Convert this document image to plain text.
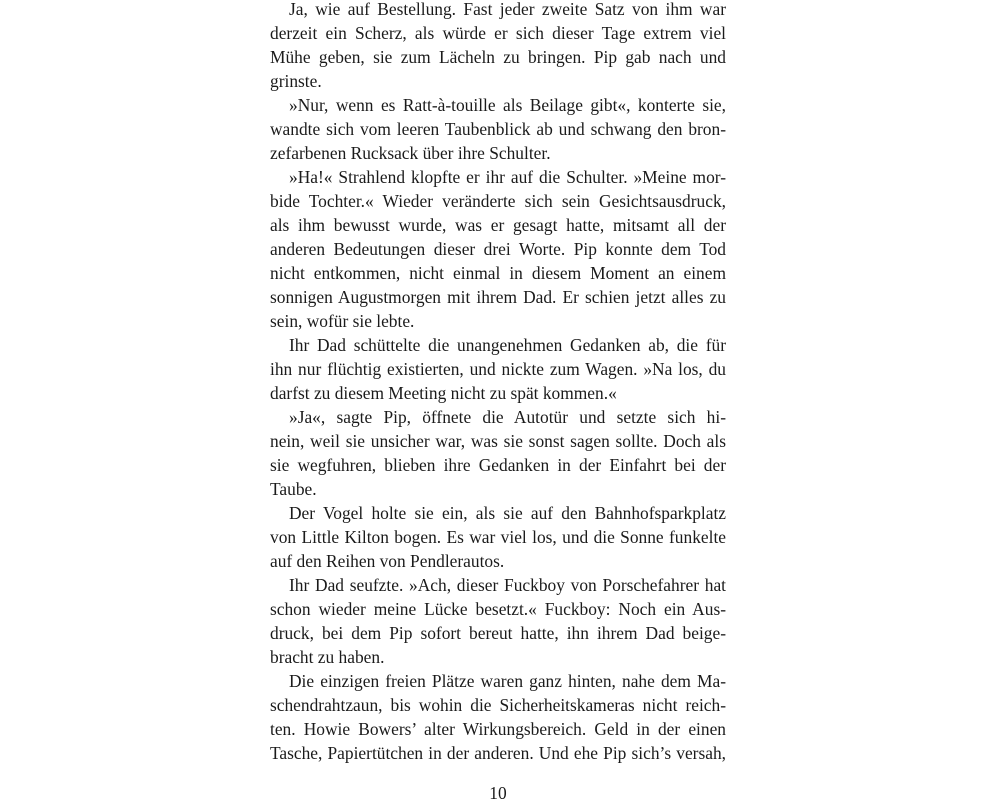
Ja, wie auf Bestellung. Fast jeder zweite Satz von ihm war
derzeit ein Scherz, als würde er sich dieser Tage extrem viel
Mühe geben, sie zum Lächeln zu bringen. Pip gab nach und
grinste.
»Nur, wenn es Ratt-à-touille als Beilage gibt«, konterte sie,
wandte sich vom leeren Taubenblick ab und schwang den bron-
zefarbenen Rucksack über ihre Schulter.
»Ha!« Strahlend klopfte er ihr auf die Schulter. »Meine mor-
bide Tochter.« Wieder veränderte sich sein Gesichtsausdruck,
als ihm bewusst wurde, was er gesagt hatte, mitsamt all der
anderen Bedeutungen dieser drei Worte. Pip konnte dem Tod
nicht entkommen, nicht einmal in diesem Moment an einem
sonnigen Augustmorgen mit ihrem Dad. Er schien jetzt alles zu
sein, wofür sie lebte.
Ihr Dad schüttelte die unangenehmen Gedanken ab, die für
ihn nur flüchtig existierten, und nickte zum Wagen. »Na los, du
darfst zu diesem Meeting nicht zu spät kommen.«
»Ja«, sagte Pip, öffnete die Autotür und setzte sich hi-
nein, weil sie unsicher war, was sie sonst sagen sollte. Doch als
sie wegfuhren, blieben ihre Gedanken in der Einfahrt bei der
Taube.
Der Vogel holte sie ein, als sie auf den Bahnhofsparkplatz
von Little Kilton bogen. Es war viel los, und die Sonne funkelte
auf den Reihen von Pendlerautos.
Ihr Dad seufzte. »Ach, dieser Fuckboy von Porschefahrer hat
schon wieder meine Lücke besetzt.« Fuckboy: Noch ein Aus-
druck, bei dem Pip sofort bereut hatte, ihn ihrem Dad beige-
bracht zu haben.
Die einzigen freien Plätze waren ganz hinten, nahe dem Ma-
schendrahtzaun, bis wohin die Sicherheitskameras nicht reich-
ten. Howie Bowers’ alter Wirkungsbereich. Geld in der einen
Tasche, Papiertütchen in der anderen. Und ehe Pip sich’s versah,
10
